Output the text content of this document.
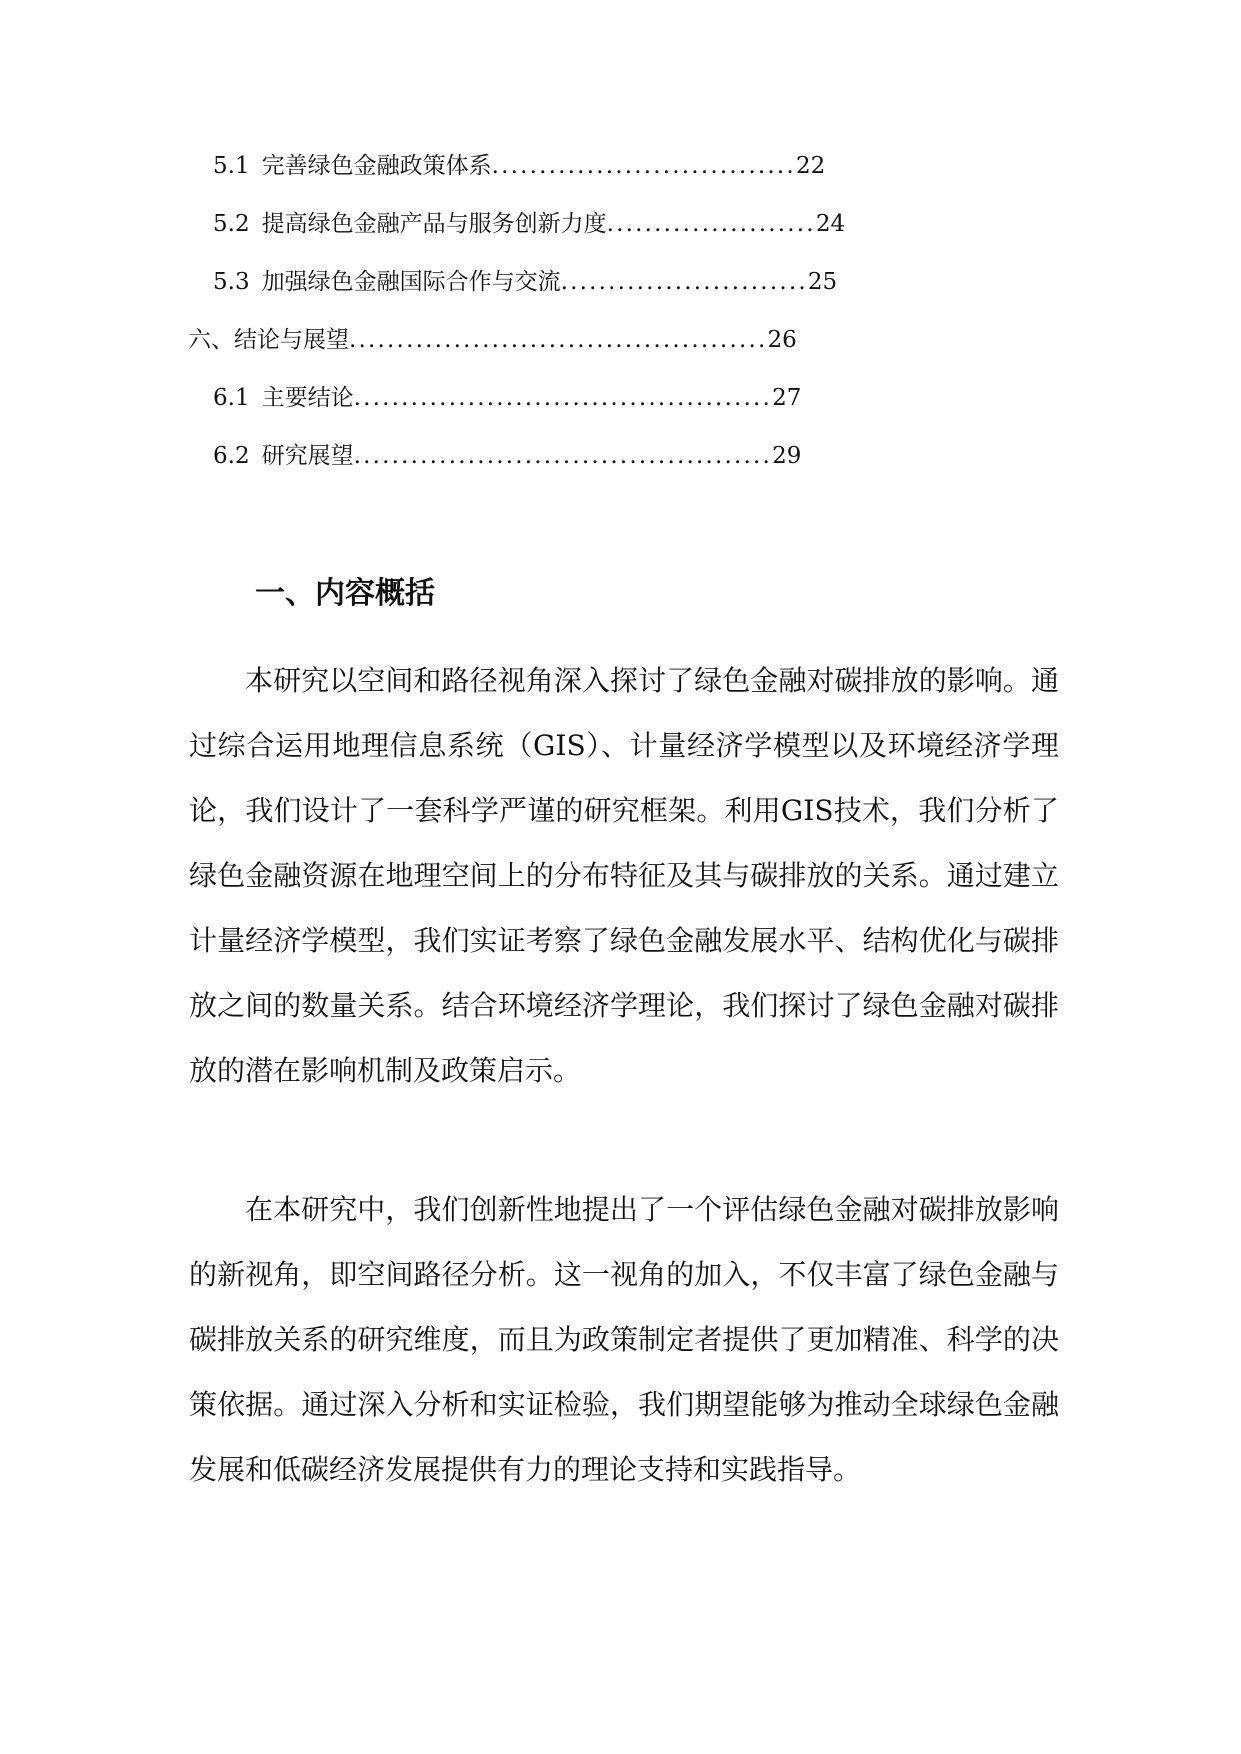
5.1 完善绿色金融政策体系................................22
5.2 提高绿色金融产品与服务创新力度......................24
5.3 加强绿色金融国际合作与交流..........................25
六、结论与展望............................................26
6.1 主要结论............................................27
6.2 研究展望............................................29
一、内容概括

本研究以空间和路径视角深入探讨了绿色金融对碳排放的影响。通过综合运用地理信息系统（GIS）、计量经济学模型以及环境经济学理论，我们设计了一套科学严谨的研究框架。利用GIS技术，我们分析了绿色金融资源在地理空间上的分布特征及其与碳排放的关系。通过建立计量经济学模型，我们实证考察了绿色金融发展水平、结构优化与碳排放之间的数量关系。结合环境经济学理论，我们探讨了绿色金融对碳排放的潜在影响机制及政策启示。

在本研究中，我们创新性地提出了一个评估绿色金融对碳排放影响的新视角，即空间路径分析。这一视角的加入，不仅丰富了绿色金融与碳排放关系的研究维度，而且为政策制定者提供了更加精准、科学的决策依据。通过深入分析和实证检验，我们期望能够为推动全球绿色金融发展和低碳经济发展提供有力的理论支持和实践指导。
